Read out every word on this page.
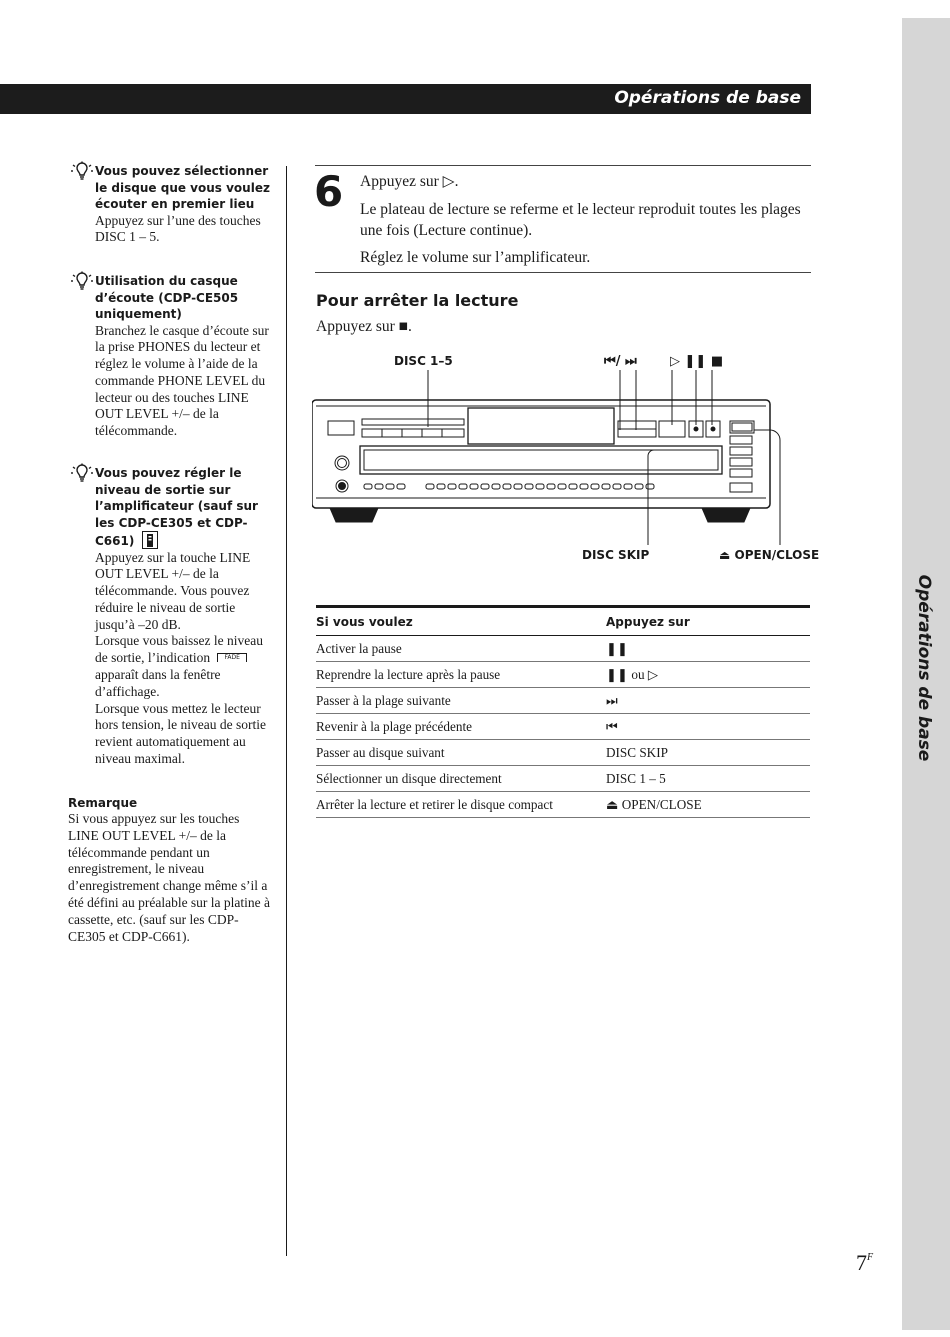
Opérations de base
Opérations de base
Vous pouvez sélectionner le disque que vous voulez écouter en premier lieu
Appuyez sur l’une des touches DISC 1 – 5.
Utilisation du casque d’écoute (CDP-CE505 uniquement)
Branchez le casque d’écoute sur la prise PHONES du lecteur et réglez le volume à l’aide de la commande PHONE LEVEL du lecteur ou des touches LINE OUT LEVEL +/– de la télécommande.
Vous pouvez régler le niveau de sortie sur l’amplificateur (sauf sur les CDP-CE305 et CDP-C661)
Appuyez sur la touche LINE OUT LEVEL +/– de la télécommande. Vous pouvez réduire le niveau de sortie jusqu’à –20 dB.
Lorsque vous baissez le niveau de sortie, l’indication FADE apparaît dans la fenêtre d’affichage.
Lorsque vous mettez le lecteur hors tension, le niveau de sortie revient automatiquement au niveau maximal.
Remarque
Si vous appuyez sur les touches LINE OUT LEVEL +/– de la télécommande pendant un enregistrement, le niveau d’enregistrement change même s’il a été défini au préalable sur la platine à cassette, etc. (sauf sur les CDP-CE305 et CDP-C661).
6 Appuyez sur ▷.
Le plateau de lecture se referme et le lecteur reproduit toutes les plages une fois (Lecture continue).
Réglez le volume sur l’amplificateur.
Pour arrêter la lecture
Appuyez sur ■.
DISC 1–5	⏮/ ⏭	▷ ❚❚ ■
DISC SKIP	⏏ OPEN/CLOSE
Si vous voulez	Appuyez sur
Activer la pause	❚❚
Reprendre la lecture après la pause	❚❚ ou ▷
Passer à la plage suivante	⏭
Revenir à la plage précédente	⏮
Passer au disque suivant	DISC SKIP
Sélectionner un disque directement	DISC 1 – 5
Arrêter la lecture et retirer le disque compact	⏏ OPEN/CLOSE
$7^F$
